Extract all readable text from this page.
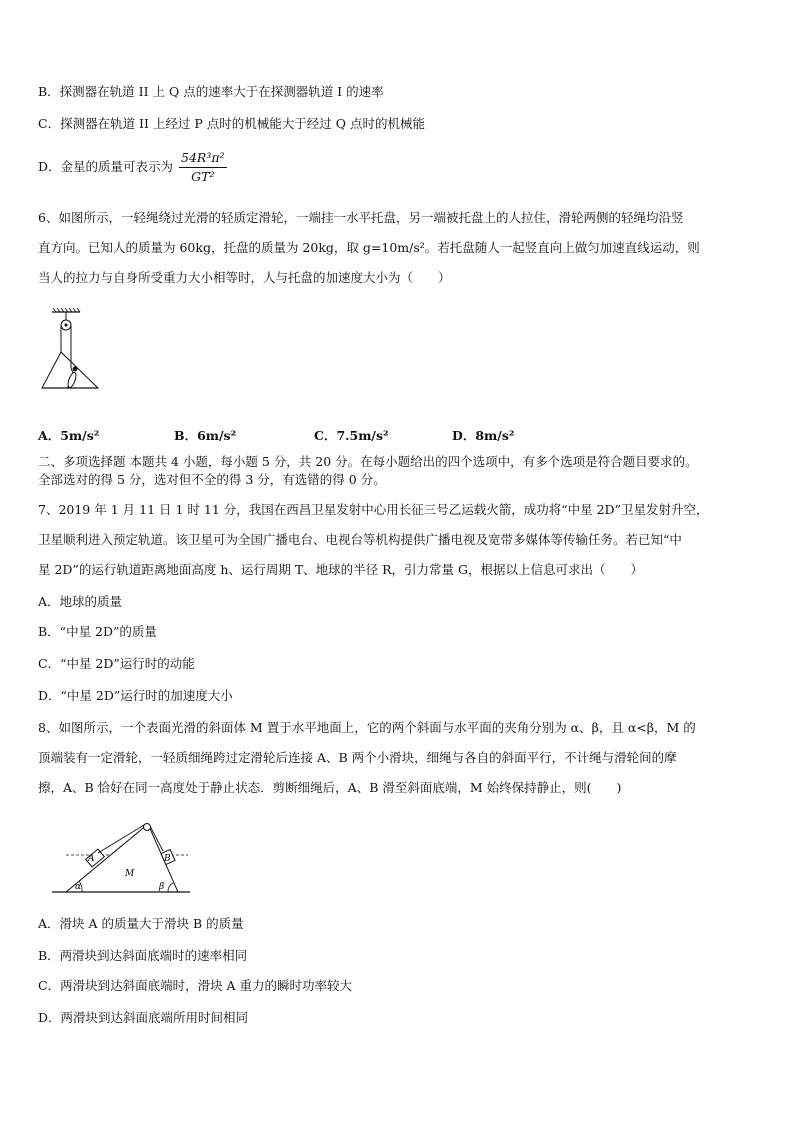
B．探测器在轨道 II 上 Q 点的速率大于在探测器轨道 I 的速率
C．探测器在轨道 II 上经过 P 点时的机械能大于经过 Q 点时的机械能
D．金星的质量可表示为 $\frac{\text{54R³π²}}{\text{GT²}}$
6、如图所示，一轻绳绕过光滑的轻质定滑轮，一端挂一水平托盘，另一端被托盘上的人拉住，滑轮两侧的轻绳均沿竖
直方向。已知人的质量为 60kg，托盘的质量为 20kg，取 g=10m/s²。若托盘随人一起竖直向上做匀加速直线运动，则
当人的拉力与自身所受重力大小相等时，人与托盘的加速度大小为（　　）
A．5m/s²	B．6m/s²	C．7.5m/s²	D．8m/s²
二、多项选择题 本题共 4 小题，每小题 5 分，共 20 分。在每小题给出的四个选项中，有多个选项是符合题目要求的。
全部选对的得 5 分，选对但不全的得 3 分，有选错的得 0 分。
7、2019 年 1 月 11 日 1 时 11 分，我国在西昌卫星发射中心用长征三号乙运载火箭，成功将“中星 2D”卫星发射升空，
卫星顺利进入预定轨道。该卫星可为全国广播电台、电视台等机构提供广播电视及宽带多媒体等传输任务。若已知“中
星 2D”的运行轨道距离地面高度 h、运行周期 T、地球的半径 R，引力常量 G，根据以上信息可求出（　　）
A．地球的质量
B．“中星 2D”的质量
C．“中星 2D”运行时的动能
D．“中星 2D”运行时的加速度大小
8、如图所示，一个表面光滑的斜面体 M 置于水平地面上，它的两个斜面与水平面的夹角分别为 α、β，且 α<β，M 的
顶端装有一定滑轮，一轻质细绳跨过定滑轮后连接 A、B 两个小滑块，细绳与各自的斜面平行，不计绳与滑轮间的摩
擦，A、B 恰好在同一高度处于静止状态．剪断细绳后，A、B 滑至斜面底端，M 始终保持静止，则(　　)
A	B
M
α	β
A．滑块 A 的质量大于滑块 B 的质量
B．两滑块到达斜面底端时的速率相同
C．两滑块到达斜面底端时，滑块 A 重力的瞬时功率较大
D．两滑块到达斜面底端所用时间相同
